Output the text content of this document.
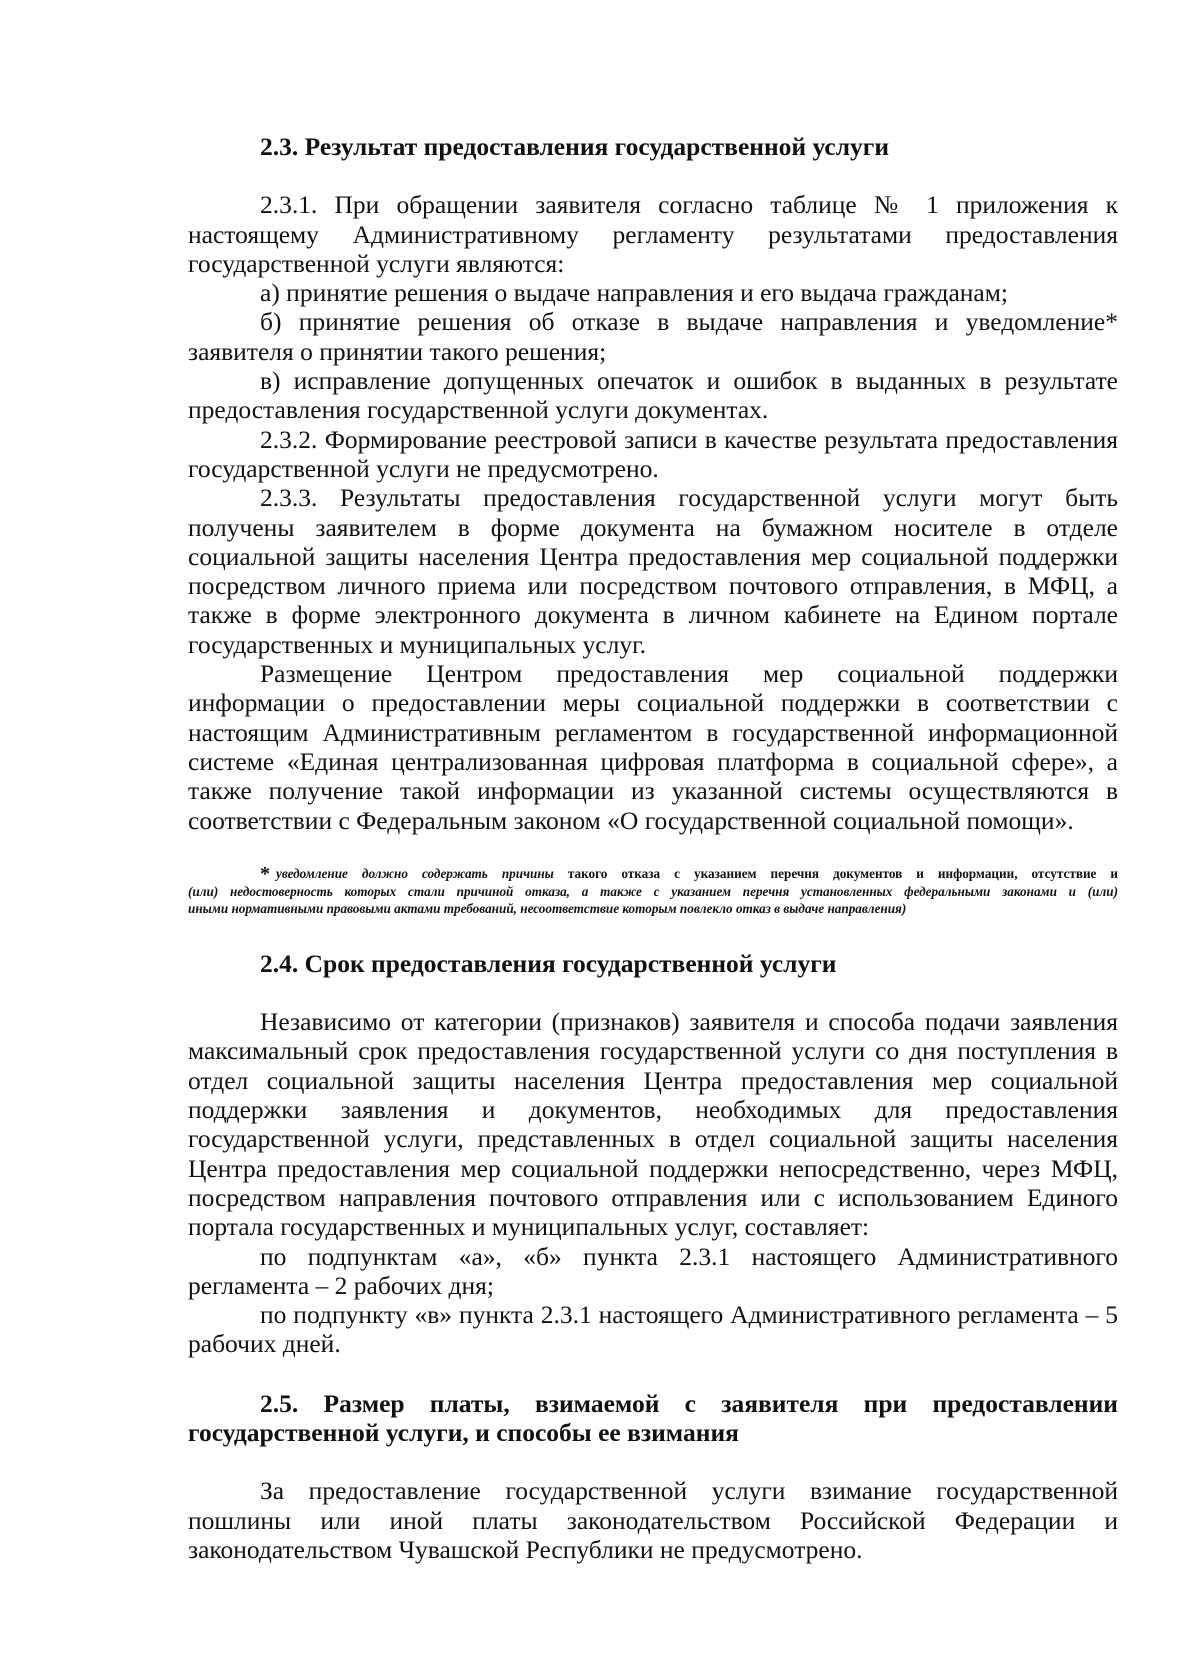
2.3. Результат предоставления государственной услуги

2.3.1. При обращении заявителя согласно таблице № 1 приложения к настоящему Административному регламенту результатами предоставления государственной услуги являются:

а) принятие решения о выдаче направления и его выдача гражданам;

б) принятие решения об отказе в выдаче направления и уведомление* заявителя о принятии такого решения;

в) исправление допущенных опечаток и ошибок в выданных в результате предоставления государственной услуги документах.

2.3.2. Формирование реестровой записи в качестве результата предоставления государственной услуги не предусмотрено.

2.3.3. Результаты предоставления государственной услуги могут быть получены заявителем в форме документа на бумажном носителе в отделе социальной защиты населения Центра предоставления мер социальной поддержки посредством личного приема или посредством почтового отправления, в МФЦ, а также в форме электронного документа в личном кабинете на Едином портале государственных и муниципальных услуг.

Размещение Центром предоставления мер социальной поддержки информации о предоставлении меры социальной поддержки в соответствии с настоящим Административным регламентом в государственной информационной системе «Единая централизованная цифровая платформа в социальной сфере», а также получение такой информации из указанной системы осуществляются в соответствии с Федеральным законом «О государственной социальной помощи».

* уведомление должно содержать причины такого отказа с указанием перечня документов и информации, отсутствие и

(или) недостоверность которых стали причиной отказа, а также с указанием перечня установленных федеральными законами и (или)

иными нормативными правовыми актами требований, несоответствие которым повлекло отказ в выдаче направления)

2.4. Срок предоставления государственной услуги

Независимо от категории (признаков) заявителя и способа подачи заявления максимальный срок предоставления государственной услуги со дня поступления в отдел социальной защиты населения Центра предоставления мер социальной поддержки заявления и документов, необходимых для предоставления государственной услуги, представленных в отдел социальной защиты населения Центра предоставления мер социальной поддержки непосредственно, через МФЦ, посредством направления почтового отправления или с использованием Единого портала государственных и муниципальных услуг, составляет:

по подпунктам «а», «б» пункта 2.3.1 настоящего Административного регламента – 2 рабочих дня;

по подпункту «в» пункта 2.3.1 настоящего Административного регламента – 5 рабочих дней.

2.5. Размер платы, взимаемой с заявителя при предоставлении государственной услуги, и способы ее взимания

За предоставление государственной услуги взимание государственной пошлины или иной платы законодательством Российской Федерации и законодательством Чувашской Республики не предусмотрено.
